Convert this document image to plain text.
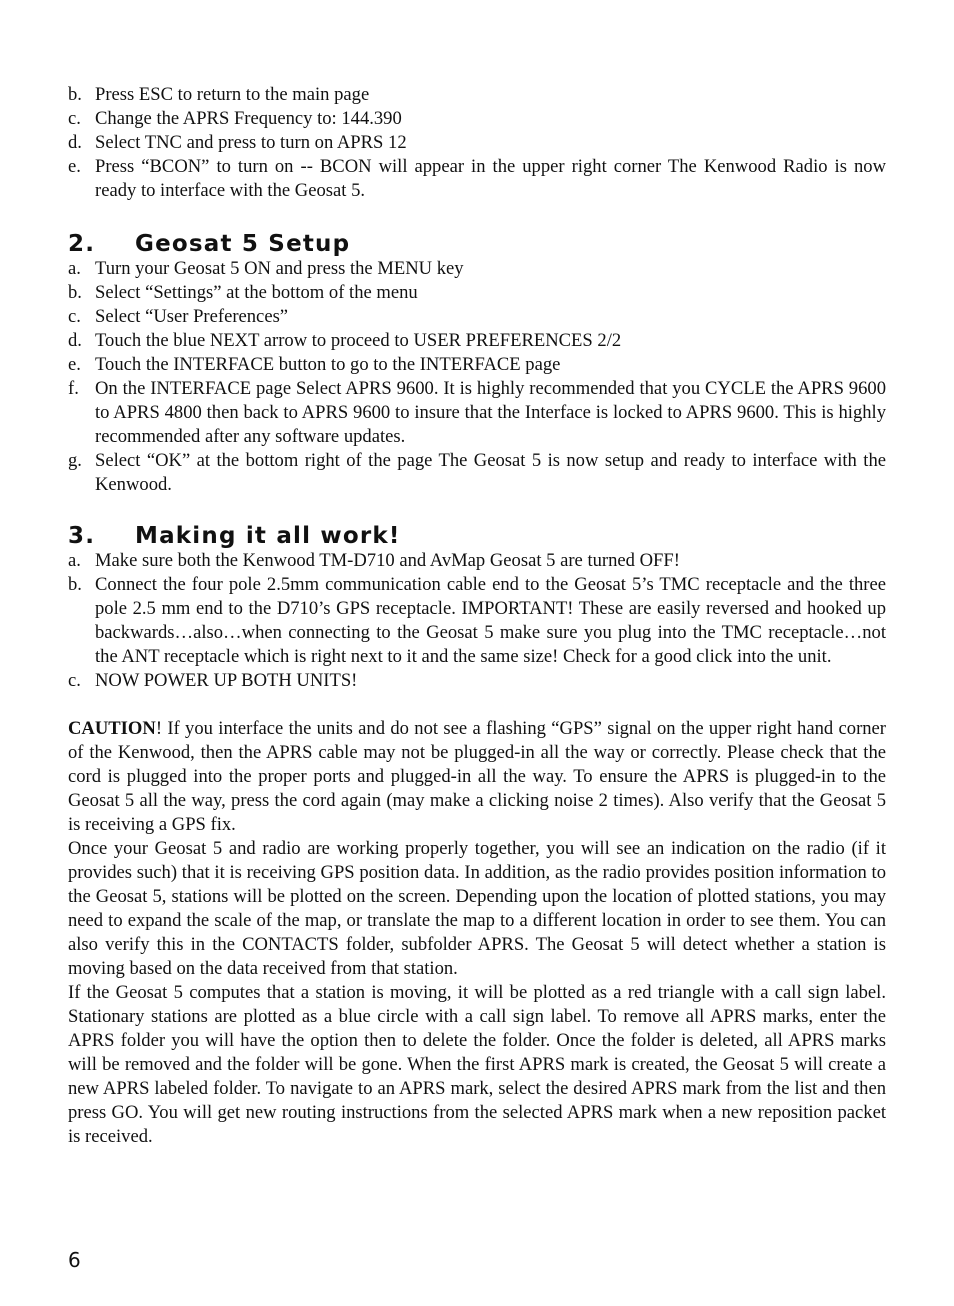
b. Press ESC to return to the main page
c. Change the APRS Frequency to: 144.390
d. Select TNC and press to turn on APRS 12
e. Press “BCON” to turn on -- BCON will appear in the upper right corner The Kenwood Radio is now ready to interface with the Geosat 5.
2.	Geosat 5 Setup
a. Turn your Geosat 5 ON and press the MENU key
b. Select “Settings” at the bottom of the menu
c. Select “User Preferences”
d. Touch the blue NEXT arrow to proceed to USER PREFERENCES 2/2
e. Touch the INTERFACE button to go to the INTERFACE page
f. On the INTERFACE page Select APRS 9600. It is highly recommended that you CYCLE the APRS 9600 to APRS 4800 then back to APRS 9600 to insure that the Interface is locked to APRS 9600. This is highly recommended after any software updates.
g. Select “OK” at the bottom right of the page The Geosat 5 is now setup and ready to interface with the Kenwood.
3.	Making it all work!
a. Make sure both the Kenwood TM-D710 and AvMap Geosat 5 are turned OFF!
b. Connect the four pole 2.5mm communication cable end to the Geosat 5’s TMC receptacle and the three pole 2.5 mm end to the D710’s GPS receptacle. IMPORTANT! These are easily reversed and hooked up backwards…also…when connecting to the Geosat 5 make sure you plug into the TMC receptacle…not the ANT receptacle which is right next to it and the same size! Check for a good click into the unit.
c. NOW POWER UP BOTH UNITS!

CAUTION! If you interface the units and do not see a flashing “GPS” signal on the upper right hand corner of the Kenwood, then the APRS cable may not be plugged-in all the way or correctly. Please check that the cord is plugged into the proper ports and plugged-in all the way. To ensure the APRS is plugged-in to the Geosat 5 all the way, press the cord again (may make a clicking noise 2 times). Also verify that the Geosat 5 is receiving a GPS fix.

Once your Geosat 5 and radio are working properly together, you will see an indication on the radio (if it provides such) that it is receiving GPS position data. In addition, as the radio provides position information to the Geosat 5, stations will be plotted on the screen. Depending upon the location of plotted stations, you may need to expand the scale of the map, or translate the map to a different location in order to see them. You can also verify this in the CONTACTS folder, subfolder APRS. The Geosat 5 will detect whether a station is moving based on the data received from that station.

If the Geosat 5 computes that a station is moving, it will be plotted as a red triangle with a call sign label. Stationary stations are plotted as a blue circle with a call sign label. To remove all APRS marks, enter the APRS folder you will have the option then to delete the folder. Once the folder is deleted, all APRS marks will be removed and the folder will be gone. When the first APRS mark is created, the Geosat 5 will create a new APRS labeled folder. To navigate to an APRS mark, select the desired APRS mark from the list and then press GO. You will get new routing instructions from the selected APRS mark when a new reposition packet is received.

6
